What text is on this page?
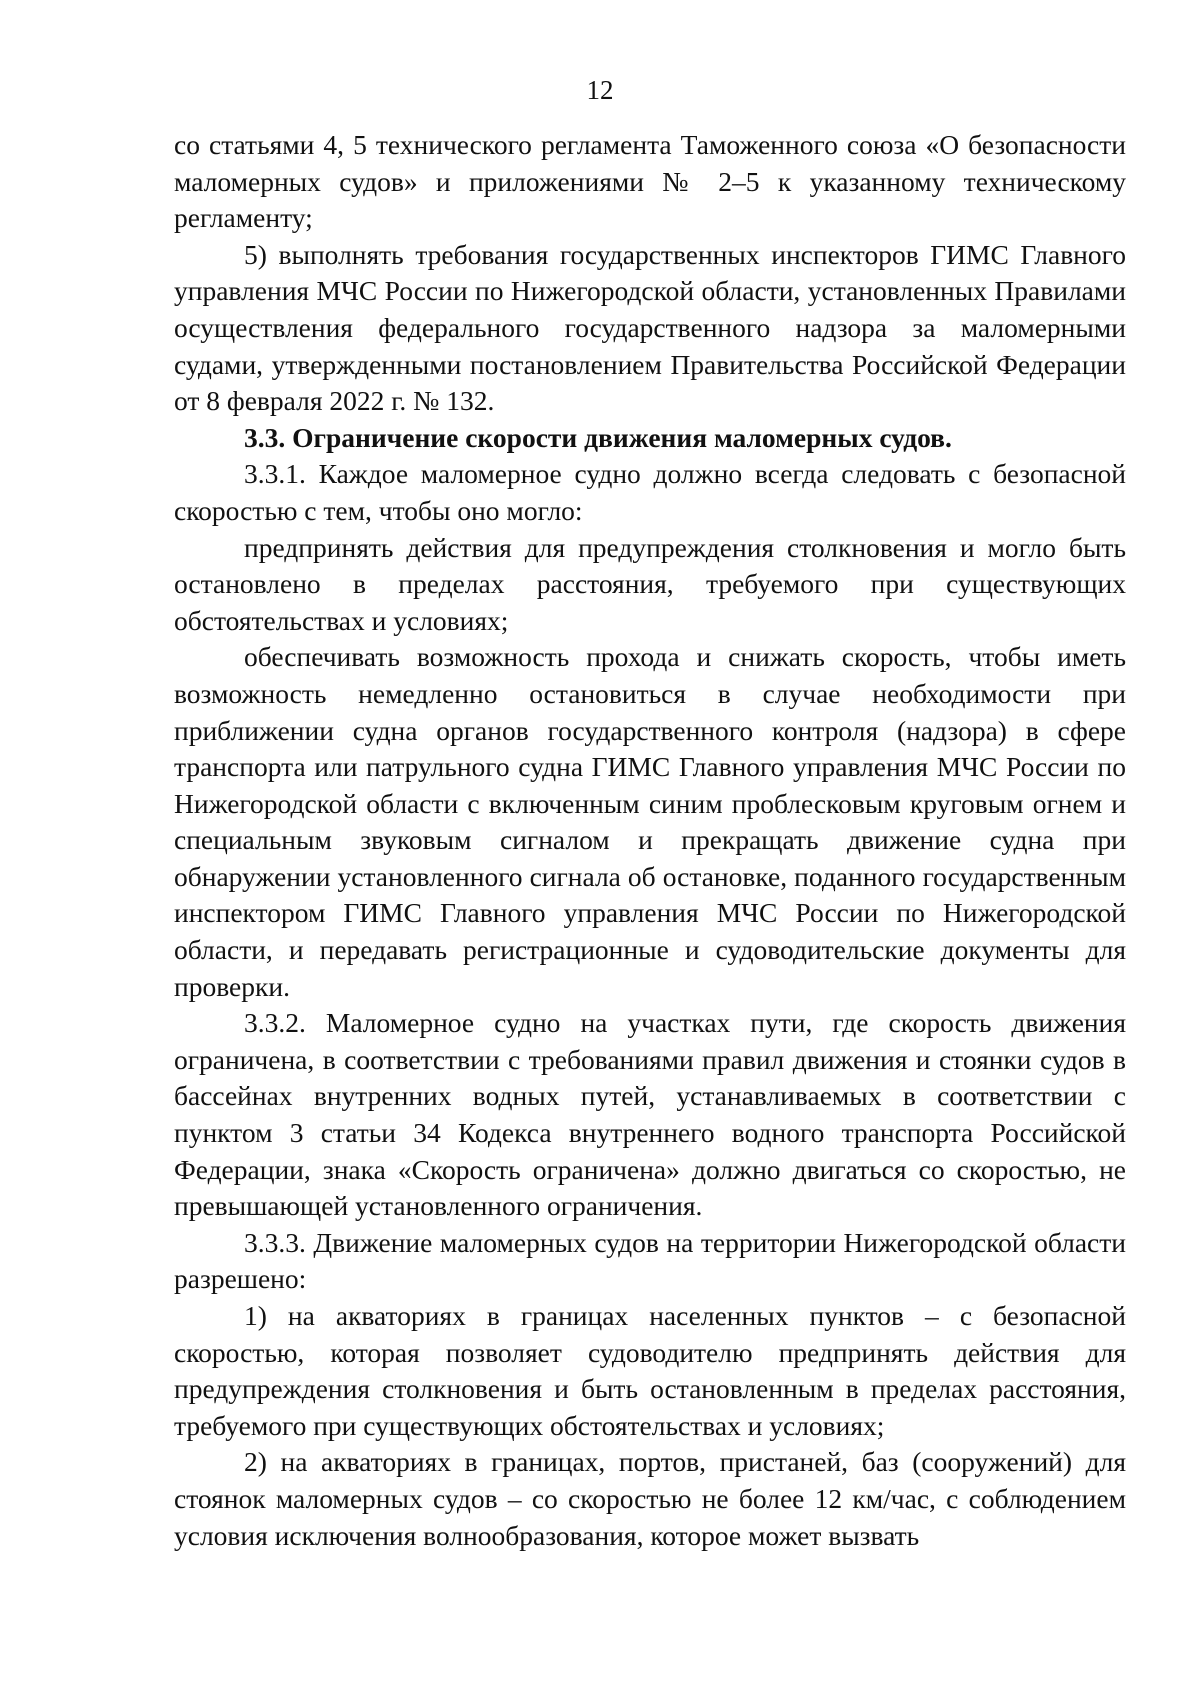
12

со статьями 4, 5 технического регламента Таможенного союза «О безопасности маломерных судов» и приложениями № 2–5 к указанному техническому регламенту;

5) выполнять требования государственных инспекторов ГИМС Главного управления МЧС России по Нижегородской области, установленных Правилами осуществления федерального государственного надзора за маломерными судами, утвержденными постановлением Правительства Российской Федерации от 8 февраля 2022 г. № 132.

3.3. Ограничение скорости движения маломерных судов.

3.3.1. Каждое маломерное судно должно всегда следовать с безопасной скоростью с тем, чтобы оно могло:

предпринять действия для предупреждения столкновения и могло быть остановлено в пределах расстояния, требуемого при существующих обстоятельствах и условиях;

обеспечивать возможность прохода и снижать скорость, чтобы иметь возможность немедленно остановиться в случае необходимости при приближении судна органов государственного контроля (надзора) в сфере транспорта или патрульного судна ГИМС Главного управления МЧС России по Нижегородской области с включенным синим проблесковым круговым огнем и специальным звуковым сигналом и прекращать движение судна при обнаружении установленного сигнала об остановке, поданного государственным инспектором ГИМС Главного управления МЧС России по Нижегородской области, и передавать регистрационные и судоводительские документы для проверки.

3.3.2. Маломерное судно на участках пути, где скорость движения ограничена, в соответствии с требованиями правил движения и стоянки судов в бассейнах внутренних водных путей, устанавливаемых в соответствии с пунктом 3 статьи 34 Кодекса внутреннего водного транспорта Российской Федерации, знака «Скорость ограничена» должно двигаться со скоростью, не превышающей установленного ограничения.

3.3.3. Движение маломерных судов на территории Нижегородской области разрешено:

1) на акваториях в границах населенных пунктов – с безопасной скоростью, которая позволяет судоводителю предпринять действия для предупреждения столкновения и быть остановленным в пределах расстояния, требуемого при существующих обстоятельствах и условиях;

2) на акваториях в границах, портов, пристаней, баз (сооружений) для стоянок маломерных судов – со скоростью не более 12 км/час, с соблюдением условия исключения волнообразования, которое может вызвать
